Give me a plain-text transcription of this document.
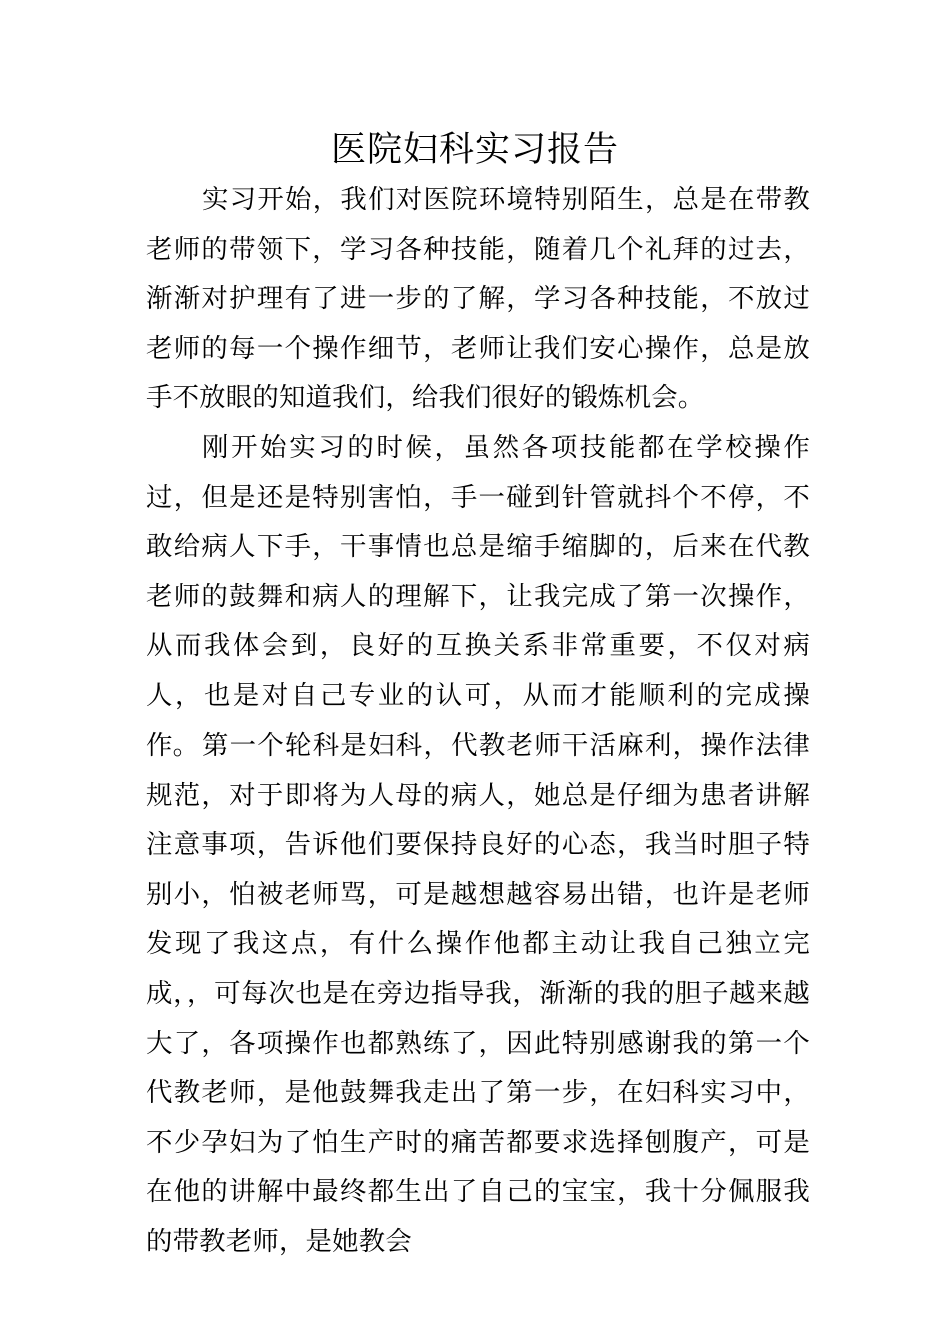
医院妇科实习报告

实习开始，我们对医院环境特别陌生，总是在带教老师的带领下，学习各种技能，随着几个礼拜的过去，渐渐对护理有了进一步的了解，学习各种技能，不放过老师的每一个操作细节，老师让我们安心操作，总是放手不放眼的知道我们，给我们很好的锻炼机会。

刚开始实习的时候，虽然各项技能都在学校操作过，但是还是特别害怕，手一碰到针管就抖个不停，不敢给病人下手，干事情也总是缩手缩脚的，后来在代教老师的鼓舞和病人的理解下，让我完成了第一次操作，从而我体会到，良好的互换关系非常重要，不仅对病人，也是对自己专业的认可，从而才能顺利的完成操作。 第一个轮科是妇科，代教老师干活麻利，操作法律规范，对于即将为人母的病人，她总是仔细为患者讲解注意事项，告诉他们要保持良好的心态，我当时胆子特别小，怕被老师骂，可是越想越容易出错，也许是老师发现了我这点，有什么操作他都主动让我自己独立完成，，可每次也是在旁边指导我，渐渐的我的胆子越来越大了，各项操作也都熟练了，因此特别感谢我的第一个代教老师，是他鼓舞我走出了第一步，在妇科实习中，不少孕妇为了怕生产时的痛苦都要求选择刨腹产，可是在他的讲解中最终都生出了自己的宝宝，我十分佩服我的带教老师，是她教会
